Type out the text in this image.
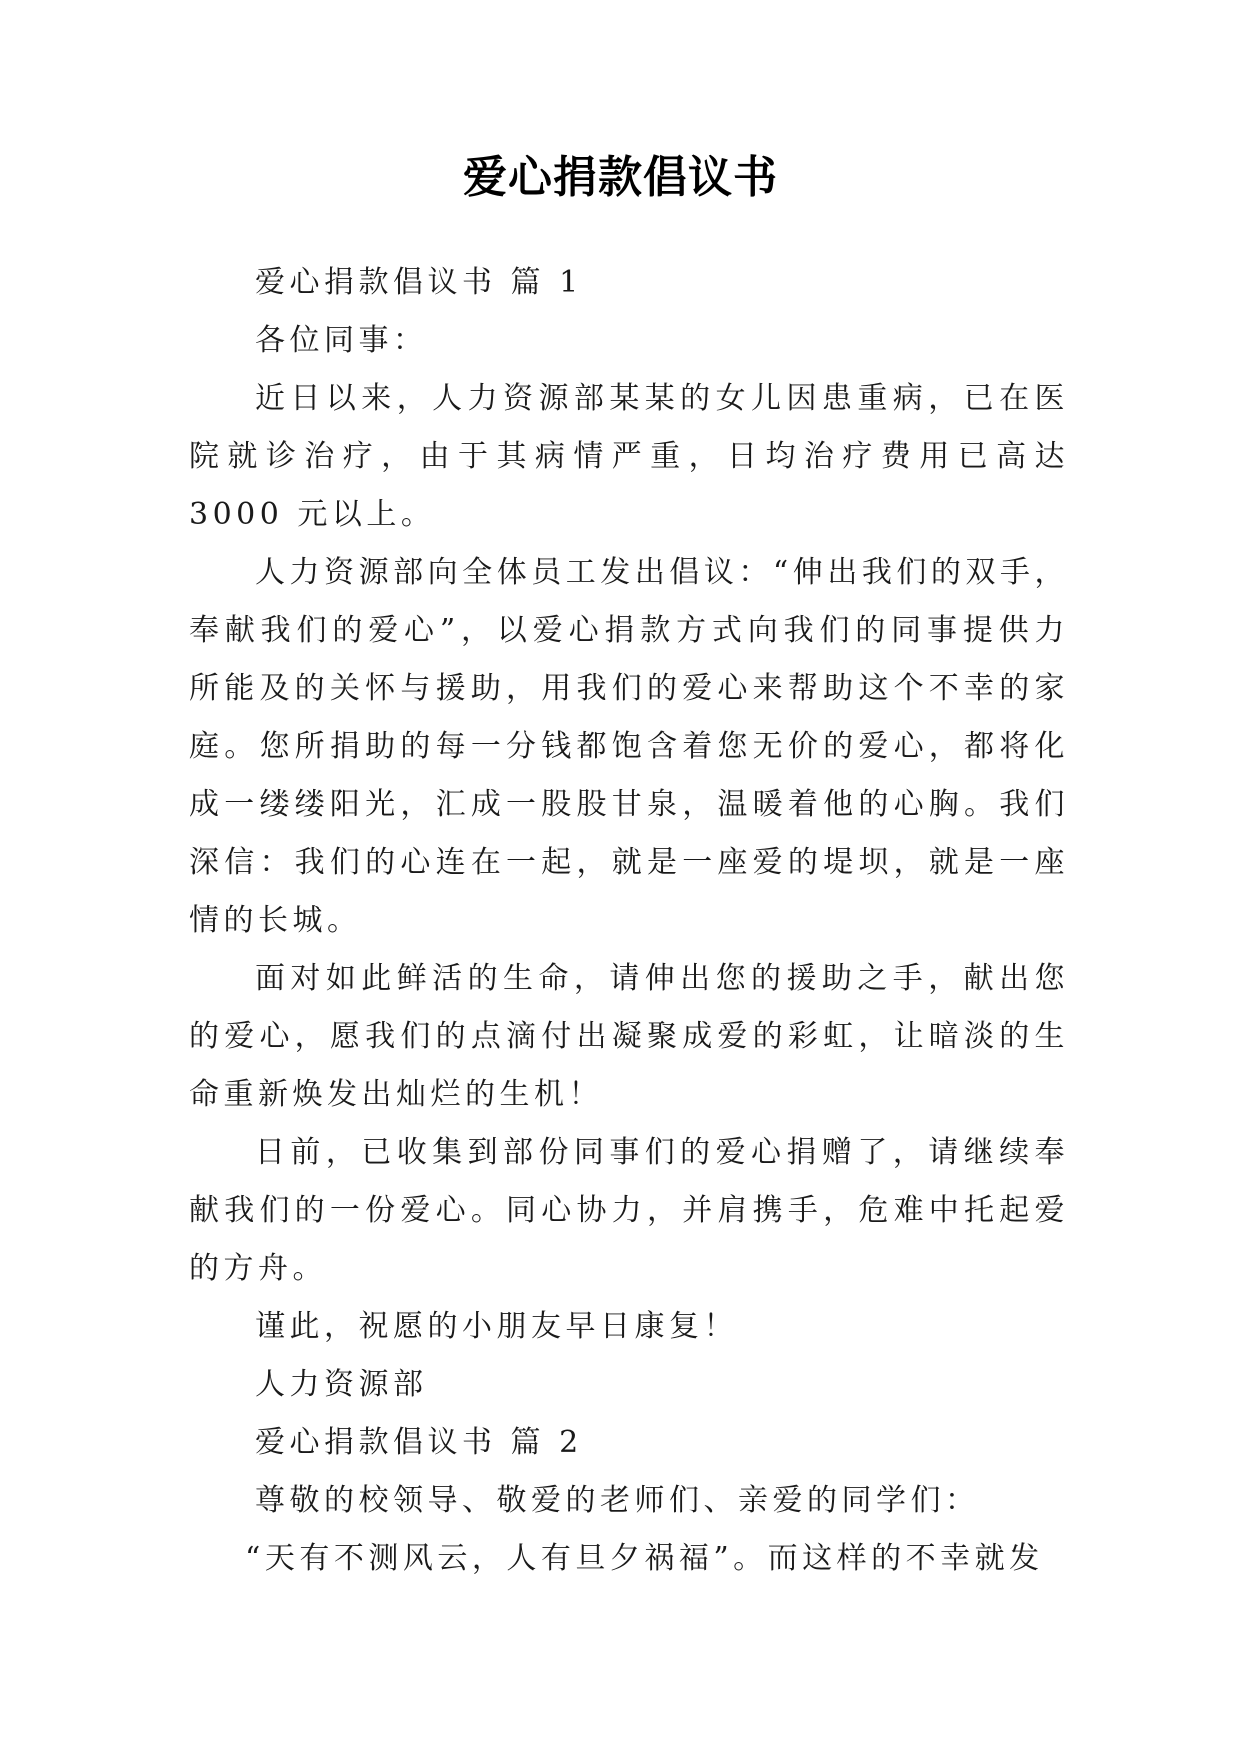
爱心捐款倡议书

爱心捐款倡议书 篇 1

各位同事：

近日以来，人力资源部某某的女儿因患重病，已在医院就诊治疗，由于其病情严重，日均治疗费用已高达 3000 元以上。

人力资源部向全体员工发出倡议：“伸出我们的双手，奉献我们的爱心”，以爱心捐款方式向我们的同事提供力所能及的关怀与援助，用我们的爱心来帮助这个不幸的家庭。您所捐助的每一分钱都饱含着您无价的爱心，都将化成一缕缕阳光，汇成一股股甘泉，温暖着他的心胸。我们深信：我们的心连在一起，就是一座爱的堤坝，就是一座情的长城。

面对如此鲜活的生命，请伸出您的援助之手，献出您的爱心，愿我们的点滴付出凝聚成爱的彩虹，让暗淡的生命重新焕发出灿烂的生机！

日前，已收集到部份同事们的爱心捐赠了，请继续奉献我们的一份爱心。同心协力，并肩携手，危难中托起爱的方舟。

谨此，祝愿的小朋友早日康复！

人力资源部

爱心捐款倡议书 篇 2

尊敬的校领导、敬爱的老师们、亲爱的同学们：

“天有不测风云，人有旦夕祸福”。而这样的不幸就发
